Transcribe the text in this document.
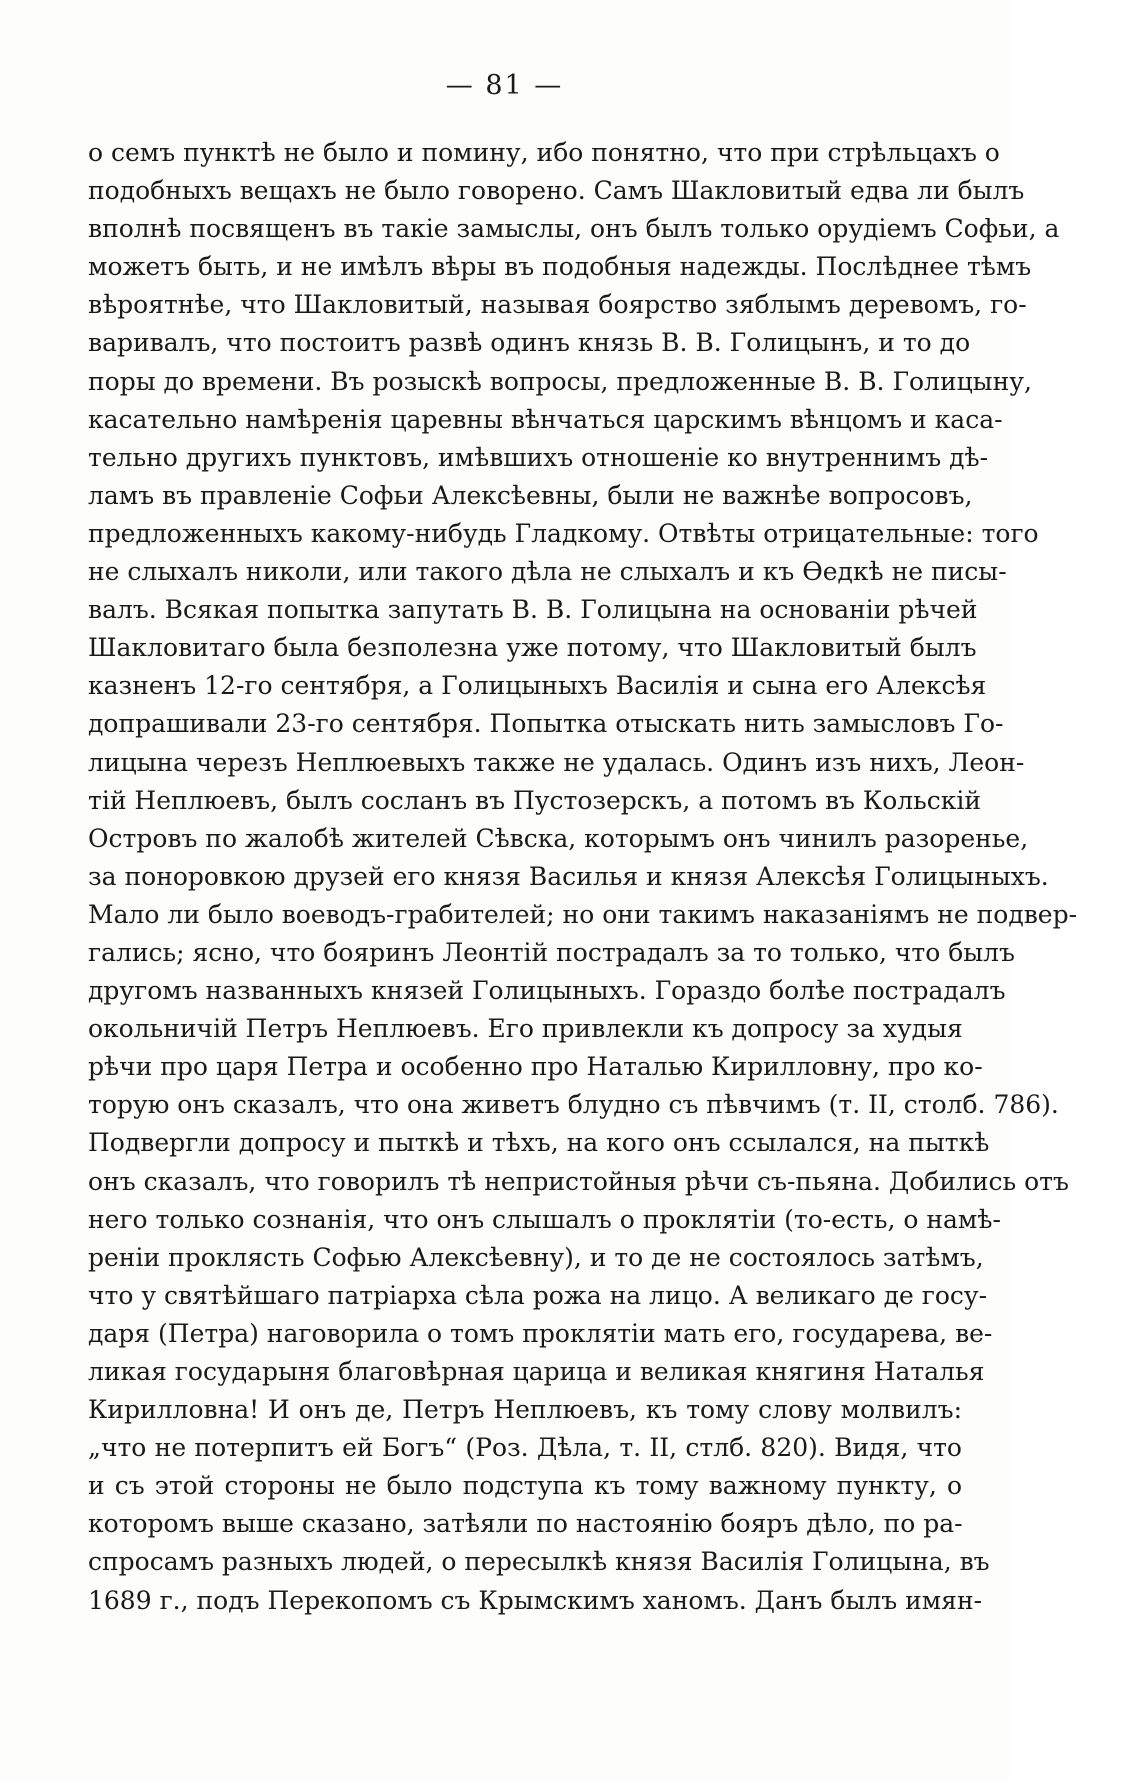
— 81 —
о семъ пунктѣ не было и помину, ибо понятно, что при стрѣльцахъ о
подобныхъ вещахъ не было говорено. Самъ Шакловитый едва ли былъ
вполнѣ посвященъ въ такіе замыслы, онъ былъ только орудіемъ Софьи, а
можетъ быть, и не имѣлъ вѣры въ подобныя надежды. Послѣднее тѣмъ
вѣроятнѣе, что Шакловитый, называя боярство зяблымъ деревомъ, го-
варивалъ, что постоитъ развѣ одинъ князь В. В. Голицынъ, и то до
поры до времени. Въ розыскѣ вопросы, предложенные В. В. Голицыну,
касательно намѣренія царевны вѣнчаться царскимъ вѣнцомъ и каса-
тельно другихъ пунктовъ, имѣвшихъ отношеніе ко внутреннимъ дѣ-
ламъ въ правленіе Софьи Алексѣевны, были не важнѣе вопросовъ,
предложенныхъ какому-нибудь Гладкому. Отвѣты отрицательные: того
не слыхалъ николи, или такого дѣла не слыхалъ и къ Ѳедкѣ не писы-
валъ. Всякая попытка запутать В. В. Голицына на основаніи рѣчей
Шакловитаго была безполезна уже потому, что Шакловитый былъ
казненъ 12-го сентября, а Голицыныхъ Василія и сына его Алексѣя
допрашивали 23-го сентября. Попытка отыскать нить замысловъ Го-
лицына черезъ Неплюевыхъ также не удалась. Одинъ изъ нихъ, Леон-
тій Неплюевъ, былъ сосланъ въ Пустозерскъ, а потомъ въ Кольскій
Островъ по жалобѣ жителей Сѣвска, которымъ онъ чинилъ разоренье,
за поноровкою друзей его князя Василья и князя Алексѣя Голицыныхъ.
Мало ли было воеводъ-грабителей; но они такимъ наказаніямъ не подвер-
гались; ясно, что бояринъ Леонтій пострадалъ за то только, что былъ
другомъ названныхъ князей Голицыныхъ. Гораздо болѣе пострадалъ
окольничій Петръ Неплюевъ. Его привлекли къ допросу за худыя
рѣчи про царя Петра и особенно про Наталью Кирилловну, про ко-
торую онъ сказалъ, что она живетъ блудно съ пѣвчимъ (т. II, столб. 786).
Подвергли допросу и пыткѣ и тѣхъ, на кого онъ ссылался, на пыткѣ
онъ сказалъ, что говорилъ тѣ непристойныя рѣчи съ-пьяна. Добились отъ
него только сознанія, что онъ слышалъ о проклятіи (то-есть, о намѣ-
реніи проклясть Софью Алексѣевну), и то де не состоялось затѣмъ,
что у святѣйшаго патріарха сѣла рожа на лицо. А великаго де госу-
даря (Петра) наговорила о томъ проклятіи мать его, государева, ве-
ликая государыня благовѣрная царица и великая княгиня Наталья
Кирилловна! И онъ де, Петръ Неплюевъ, къ тому слову молвилъ:
„что не потерпитъ ей Богъ“ (Роз. Дѣла, т. II, стлб. 820). Видя, что
и съ этой стороны не было подступа къ тому важному пункту, о
которомъ выше сказано, затѣяли по настоянію бояръ дѣло, по ра-
спросамъ разныхъ людей, о пересылкѣ князя Василія Голицына, въ
1689 г., подъ Перекопомъ съ Крымскимъ ханомъ. Данъ былъ имян-
